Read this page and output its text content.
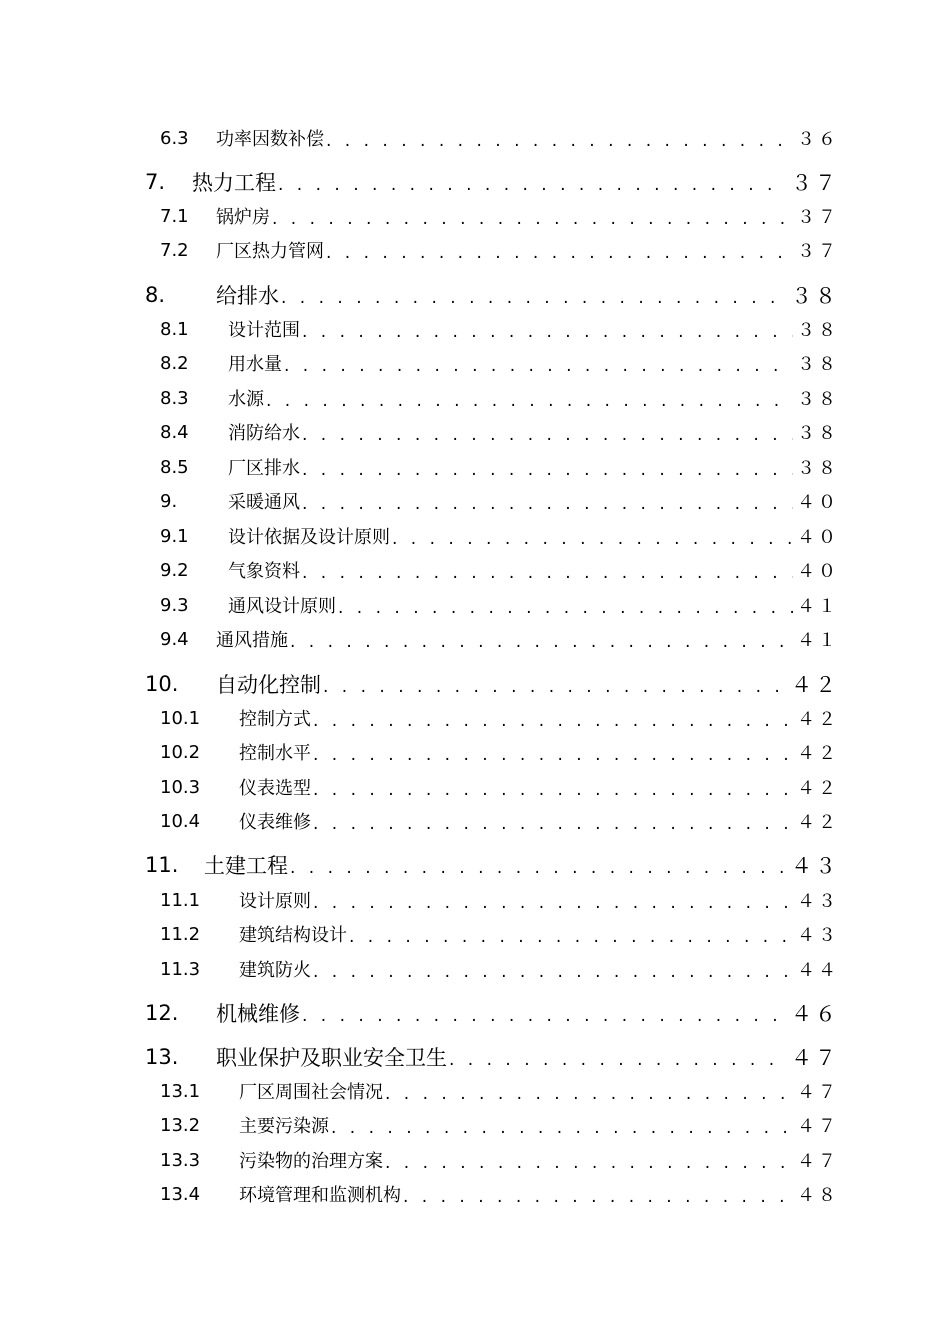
6.3	功率因数补偿 . . .	３６
7.	热力工程 . . .	３７
7.1	锅炉房 . . .	３７
7.2	厂区热力管网 . . .	３７
8.	给排水 . . .	３８
8.1	设计范围 . . .	３８
8.2	用水量 . . .	３８
8.3	水源 . . .	３８
8.4	消防给水 . . .	３８
8.5	厂区排水 . . .	３８
9.	采暖通风 . . .	４０
9.1	设计依据及设计原则 . . .	４０
9.2	气象资料 . . .	４０
9.3	通风设计原则 . . .	４１
9.4	通风措施 . . .	４１
10.	自动化控制 . . .	４２
10.1	控制方式 . . .	４２
10.2	控制水平 . . .	４２
10.3	仪表选型 . . .	４２
10.4	仪表维修 . . .	４２
11.	土建工程 . . .	４３
11.1	设计原则 . . .	４３
11.2	建筑结构设计 . . .	４３
11.3	建筑防火 . . .	４４
12.	机械维修 . . .	４６
13.	职业保护及职业安全卫生 . . .	４７
13.1	厂区周围社会情况 . . .	４７
13.2	主要污染源 . . .	４７
13.3	污染物的治理方案 . . .	４７
13.4	环境管理和监测机构 . . .	４８
